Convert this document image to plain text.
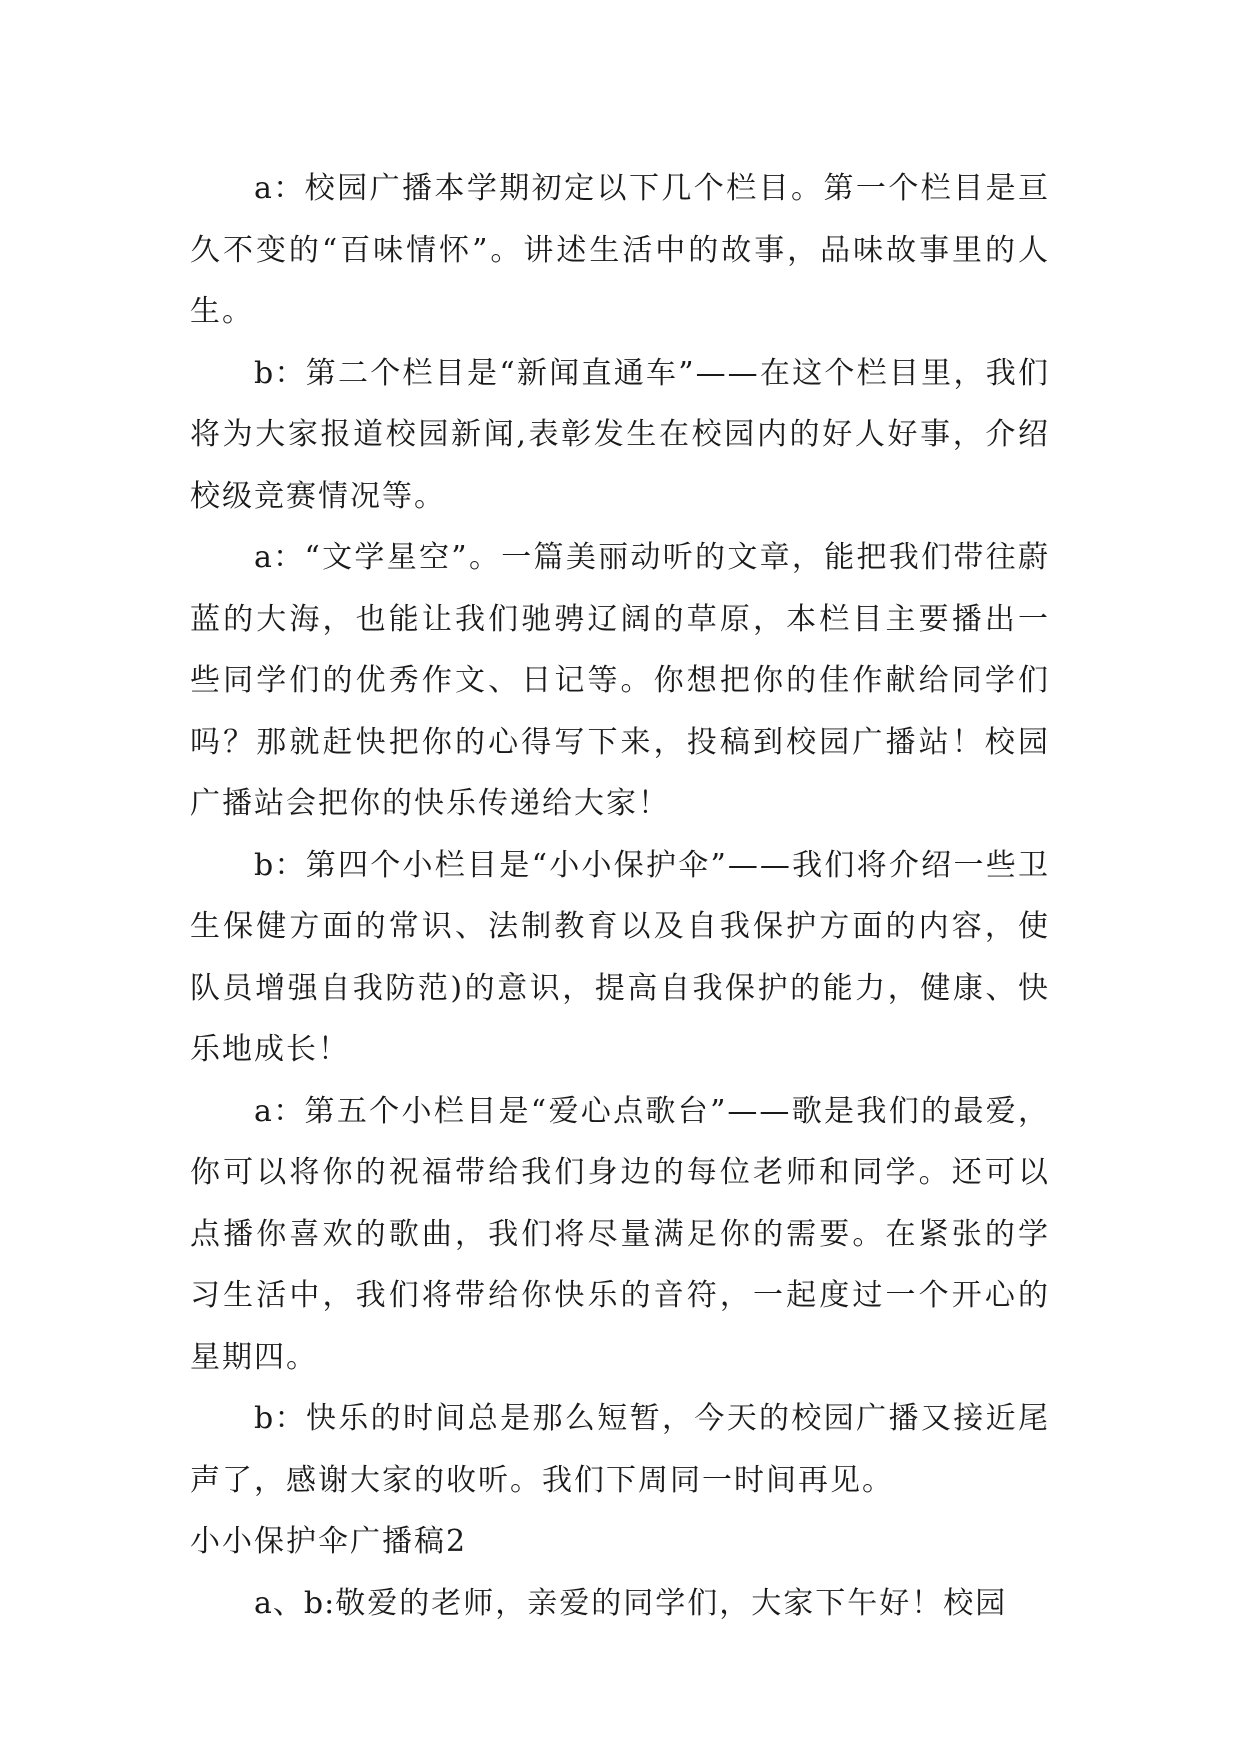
a：校园广播本学期初定以下几个栏目。第一个栏目是亘久不变的“百味情怀”。讲述生活中的故事，品味故事里的人生。

b：第二个栏目是“新闻直通车”——在这个栏目里，我们将为大家报道校园新闻,表彰发生在校园内的好人好事，介绍校级竞赛情况等。

a：“文学星空”。一篇美丽动听的文章，能把我们带往蔚蓝的大海，也能让我们驰骋辽阔的草原，本栏目主要播出一些同学们的优秀作文、日记等。你想把你的佳作献给同学们吗？那就赶快把你的心得写下来，投稿到校园广播站！校园广播站会把你的快乐传递给大家！

b：第四个小栏目是“小小保护伞”——我们将介绍一些卫生保健方面的常识、法制教育以及自我保护方面的内容，使队员增强自我防范)的意识，提高自我保护的能力，健康、快乐地成长！

a：第五个小栏目是“爱心点歌台”——歌是我们的最爱，你可以将你的祝福带给我们身边的每位老师和同学。还可以点播你喜欢的歌曲，我们将尽量满足你的需要。在紧张的学习生活中，我们将带给你快乐的音符，一起度过一个开心的星期四。

b：快乐的时间总是那么短暂，今天的校园广播又接近尾声了，感谢大家的收听。我们下周同一时间再见。

小小保护伞广播稿2

a、b:敬爱的老师，亲爱的同学们，大家下午好！校园
